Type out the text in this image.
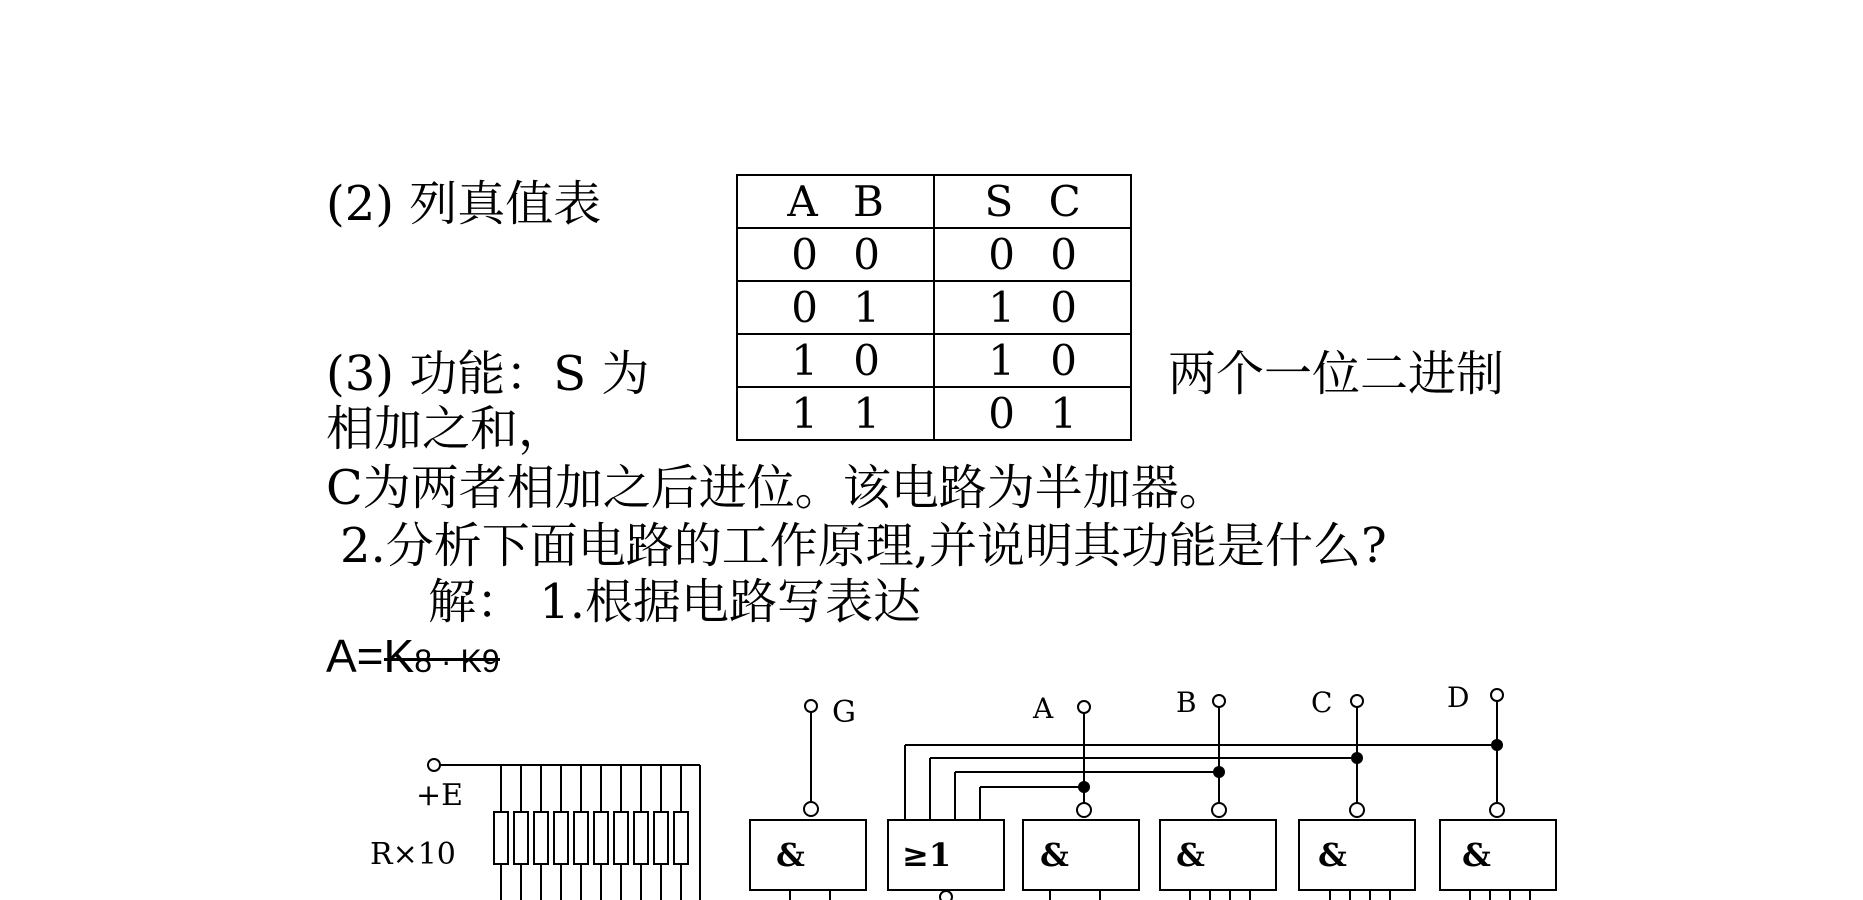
(2) 列真值表	A B	S C
0 0	0 0
0 1	1 0
1 0	1 0
1 1	0 1
(3) 功能：S 为	两个一位二进制
相加之和，
C为两者相加之后进位。该电路为半加器。
2.分析下面电路的工作原理,并说明其功能是什么?
解： 1.根据电路写表达
A=K8 · K9
G	A	B	C	D
+E
R×10	&	≥1	&	&	&	&
